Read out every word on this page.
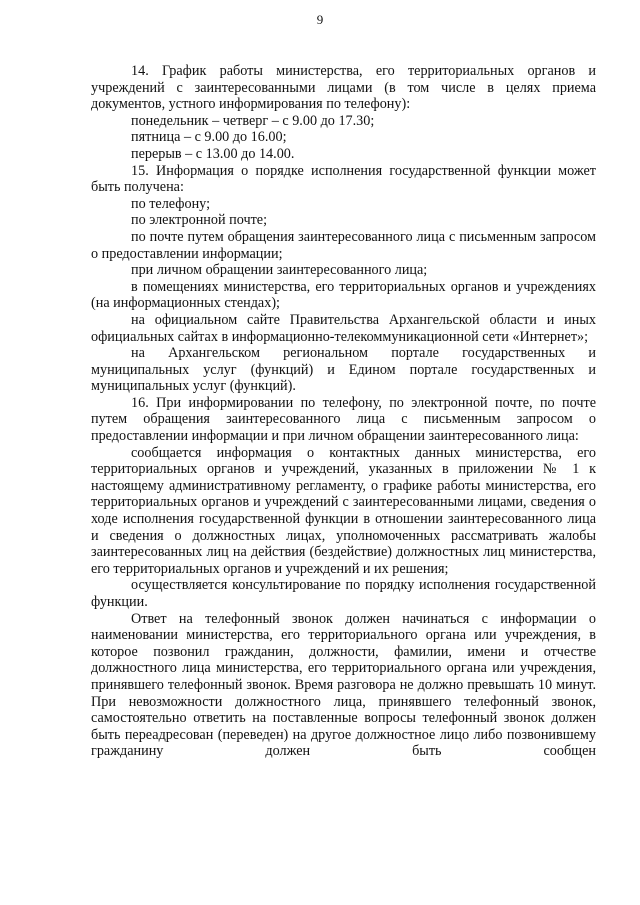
9

14. График работы министерства, его территориальных органов и учреждений с заинтересованными лицами (в том числе в целях приема документов, устного информирования по телефону):

понедельник – четверг – с 9.00 до 17.30;

пятница – с 9.00 до 16.00;

перерыв – с 13.00 до 14.00.

15. Информация о порядке исполнения государственной функции может быть получена:

по телефону;

по электронной почте;

по почте путем обращения заинтересованного лица с письменным запросом о предоставлении информации;

при личном обращении заинтересованного лица;

в помещениях министерства, его территориальных органов и учреждениях (на информационных стендах);

на официальном сайте Правительства Архангельской области и иных официальных сайтах в информационно-телекоммуникационной сети «Интернет»;

на Архангельском региональном портале государственных и муниципальных услуг (функций) и Едином портале государственных и муниципальных услуг (функций).

16. При информировании по телефону, по электронной почте, по почте путем обращения заинтересованного лица с письменным запросом о предоставлении информации и при личном обращении заинтересованного лица:

сообщается информация о контактных данных министерства, его территориальных органов и учреждений, указанных в приложении № 1 к настоящему административному регламенту, о графике работы министерства, его территориальных органов и учреждений с заинтересованными лицами, сведения о ходе исполнения государственной функции в отношении заинтересованного лица и сведения о должностных лицах, уполномоченных рассматривать жалобы заинтересованных лиц на действия (бездействие) должностных лиц министерства, его территориальных органов и учреждений и их решения;

осуществляется консультирование по порядку исполнения государственной функции.

Ответ на телефонный звонок должен начинаться с информации о наименовании министерства, его территориального органа или учреждения, в которое позвонил гражданин, должности, фамилии, имени и отчестве должностного лица министерства, его территориального органа или учреждения, принявшего телефонный звонок. Время разговора не должно превышать 10 минут. При невозможности должностного лица, принявшего телефонный звонок, самостоятельно ответить на поставленные вопросы телефонный звонок должен быть переадресован (переведен) на другое должностное лицо либо позвонившему гражданину должен быть сообщен
